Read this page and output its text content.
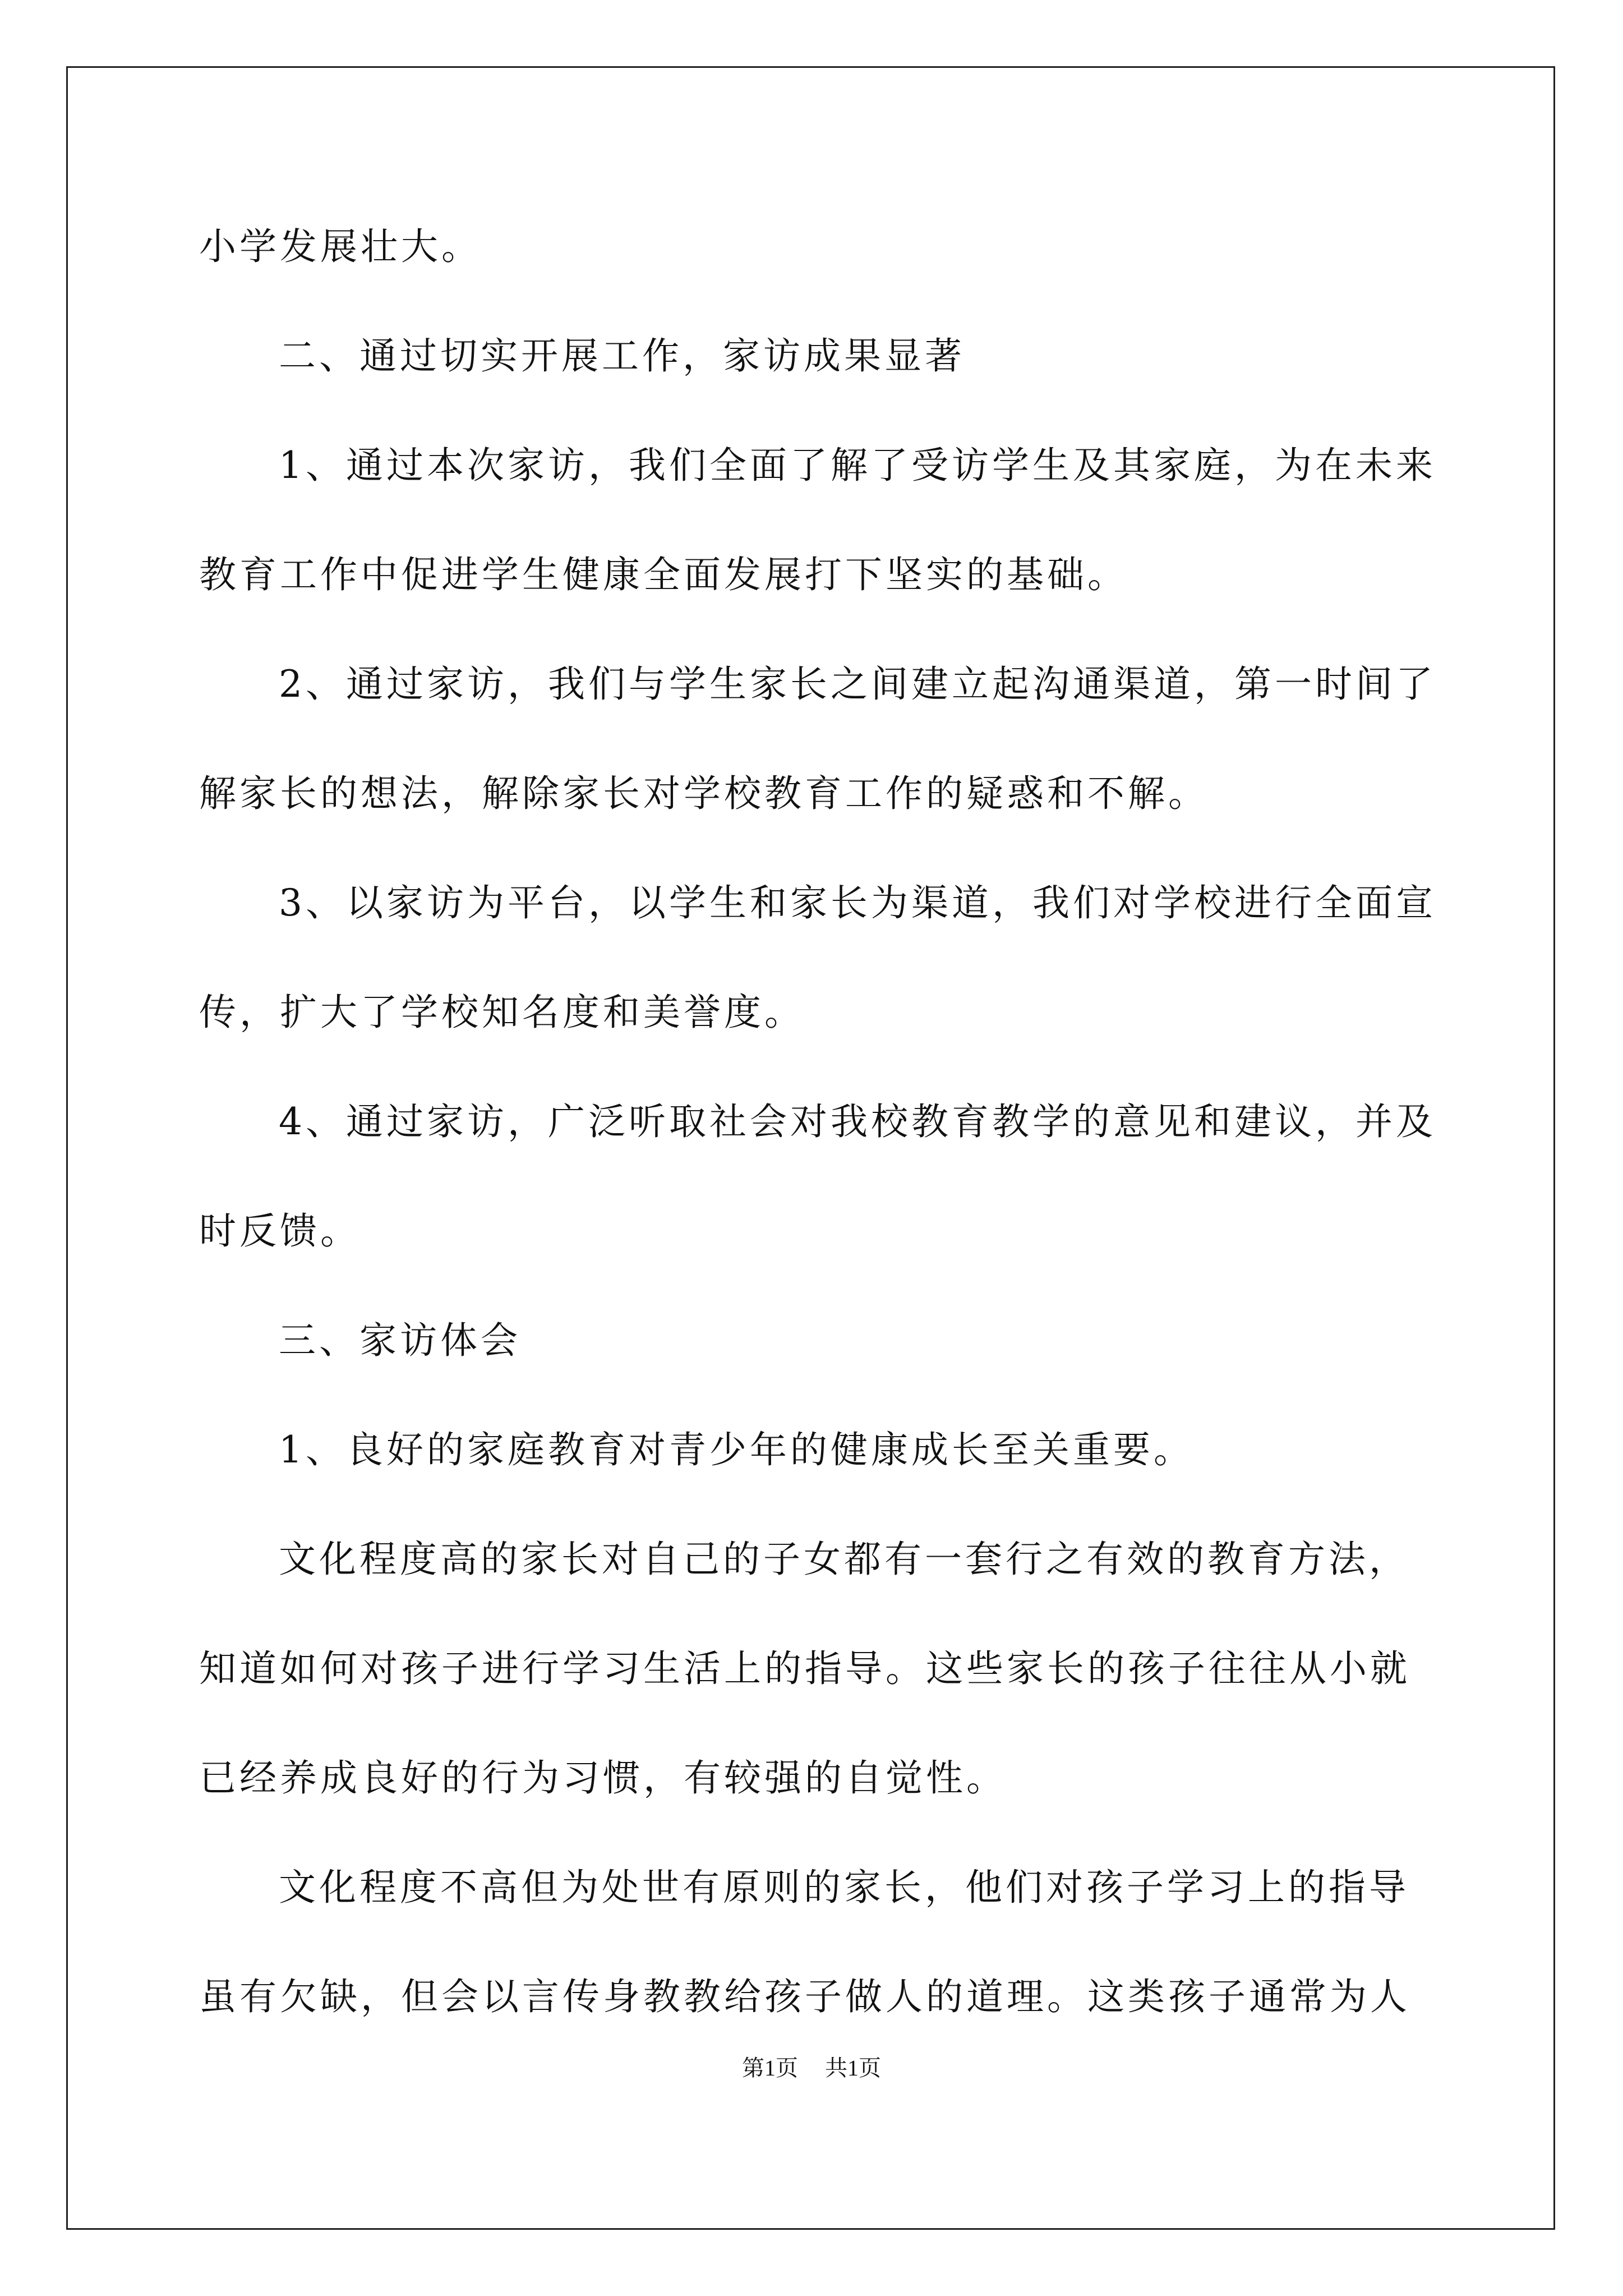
小学发展壮大。
二、通过切实开展工作，家访成果显著
1、通过本次家访，我们全面了解了受访学生及其家庭，为在未来
教育工作中促进学生健康全面发展打下坚实的基础。
2、通过家访，我们与学生家长之间建立起沟通渠道，第一时间了
解家长的想法，解除家长对学校教育工作的疑惑和不解。
3、以家访为平台，以学生和家长为渠道，我们对学校进行全面宣
传，扩大了学校知名度和美誉度。
4、通过家访，广泛听取社会对我校教育教学的意见和建议，并及
时反馈。
三、家访体会
1、良好的家庭教育对青少年的健康成长至关重要。
文化程度高的家长对自己的子女都有一套行之有效的教育方法，
知道如何对孩子进行学习生活上的指导。这些家长的孩子往往从小就
已经养成良好的行为习惯，有较强的自觉性。
文化程度不高但为处世有原则的家长，他们对孩子学习上的指导
虽有欠缺，但会以言传身教教给孩子做人的道理。这类孩子通常为人
第1页 共1页
